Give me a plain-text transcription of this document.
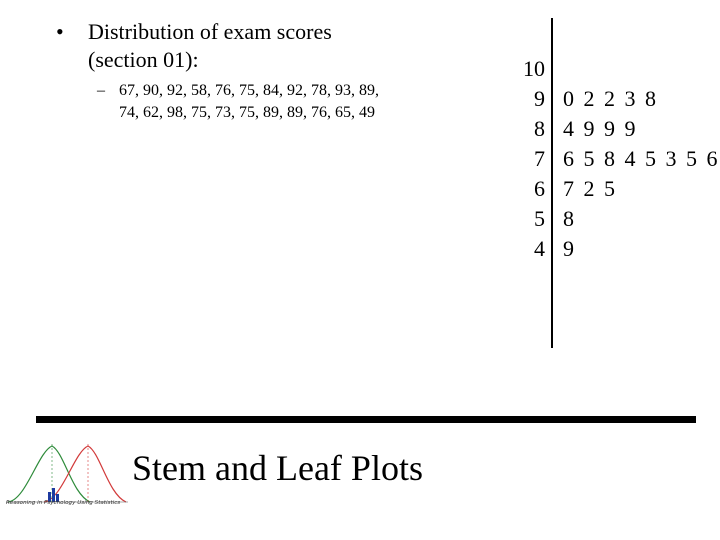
• Distribution of exam scores (section 01):
– 67, 90, 92, 58, 76, 75, 84, 92, 78, 93, 89, 74, 62, 98, 75, 73, 75, 89, 89, 76, 65, 49
10
9
8
7
6
5
4
0 2 2 3 8
4 9 9 9
6 5 8 4 5 3 5 6
7 2 5
8
9
Reasoning in Psychology Using Statistics
Stem and Leaf Plots
